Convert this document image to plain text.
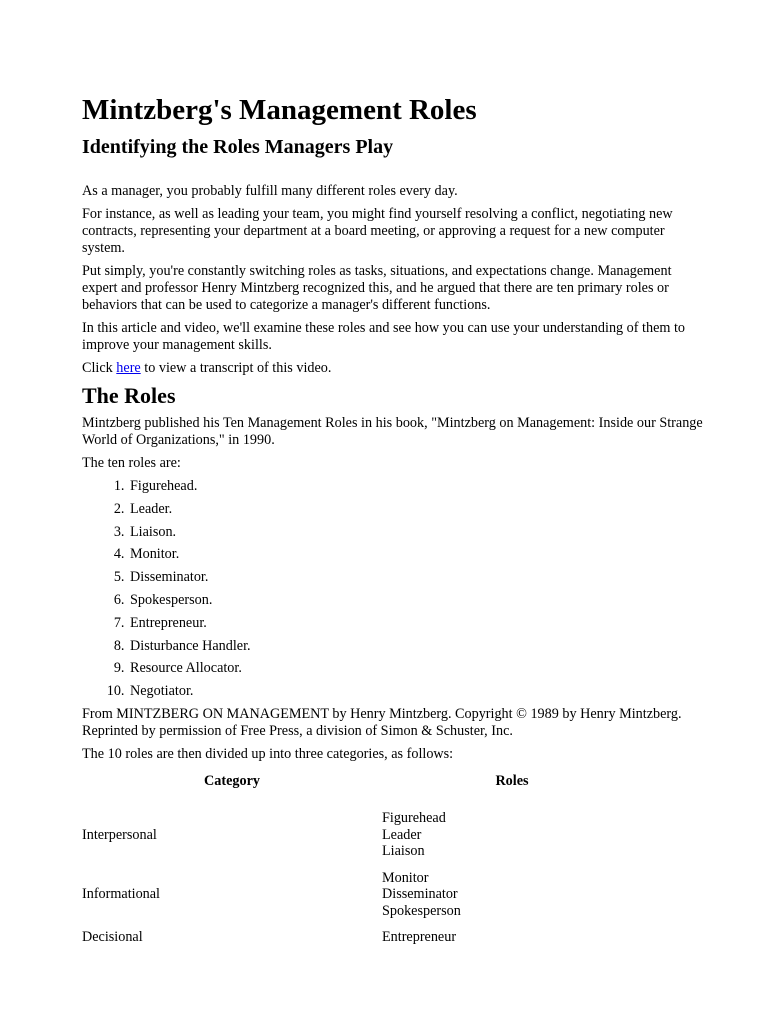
Mintzberg's Management Roles
Identifying the Roles Managers Play

As a manager, you probably fulfill many different roles every day.

For instance, as well as leading your team, you might find yourself resolving a conflict, negotiating new contracts, representing your department at a board meeting, or approving a request for a new computer system.

Put simply, you're constantly switching roles as tasks, situations, and expectations change. Management expert and professor Henry Mintzberg recognized this, and he argued that there are ten primary roles or behaviors that can be used to categorize a manager's different functions.

In this article and video, we'll examine these roles and see how you can use your understanding of them to improve your management skills.

Click here to view a transcript of this video.

The Roles

Mintzberg published his Ten Management Roles in his book, "Mintzberg on Management: Inside our Strange World of Organizations," in 1990.

The ten roles are:

1. Figurehead.
2. Leader.
3. Liaison.
4. Monitor.
5. Disseminator.
6. Spokesperson.
7. Entrepreneur.
8. Disturbance Handler.
9. Resource Allocator.
10. Negotiator.

From MINTZBERG ON MANAGEMENT by Henry Mintzberg. Copyright © 1989 by Henry Mintzberg. Reprinted by permission of Free Press, a division of Simon & Schuster, Inc.

The 10 roles are then divided up into three categories, as follows:

Category	Roles
Interpersonal	Figurehead
Leader
Liaison

Informational	Monitor
Disseminator
Spokesperson

Decisional	Entrepreneur
